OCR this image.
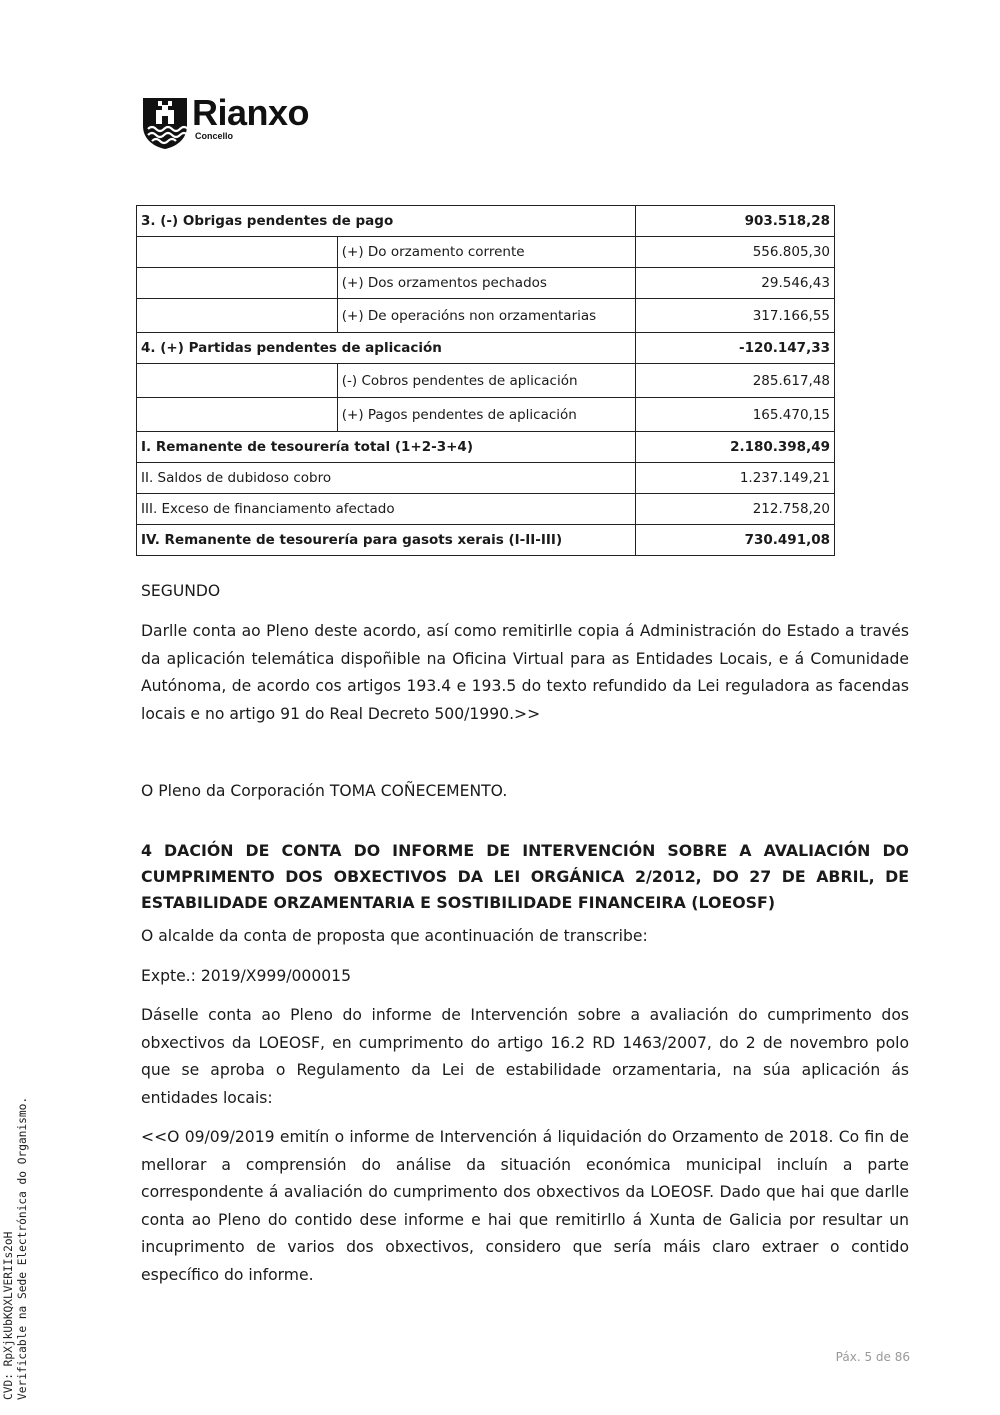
Rianxo
Concello
3. (-) Obrigas pendentes de pago		903.518,28
	(+) Do orzamento corrente	556.805,30
	(+) Dos orzamentos pechados	29.546,43
	(+) De operacións non orzamentarias	317.166,55
4. (+) Partidas pendentes de aplicación		-120.147,33
	(-) Cobros pendentes de aplicación	285.617,48
	(+) Pagos pendentes de aplicación	165.470,15
I. Remanente de tesourería total (1+2-3+4)		2.180.398,49
II. Saldos de dubidoso cobro		1.237.149,21
III. Exceso de financiamento afectado		212.758,20
IV. Remanente de tesourería para gasots xerais (I-II-III)		730.491,08
SEGUNDO
Darlle conta ao Pleno deste acordo, así como remitirlle copia á Administración do Estado a través da aplicación telemática dispoñible na Oficina Virtual para as Entidades Locais, e á Comunidade Autónoma, de acordo cos artigos 193.4 e 193.5 do texto refundido da Lei reguladora as facendas locais e no artigo 91 do Real Decreto 500/1990.>>
O Pleno da Corporación TOMA COÑECEMENTO.
4 DACIÓN DE CONTA DO INFORME DE INTERVENCIÓN SOBRE A AVALIACIÓN DO CUMPRIMENTO DOS OBXECTIVOS DA LEI ORGÁNICA 2/2012, DO 27 DE ABRIL, DE ESTABILIDADE ORZAMENTARIA E SOSTIBILIDADE FINANCEIRA (LOEOSF)
O alcalde da conta de proposta que acontinuación de transcribe:
Expte.: 2019/X999/000015
Dáselle conta ao Pleno do informe de Intervención sobre a avaliación do cumprimento dos obxectivos da LOEOSF, en cumprimento do artigo 16.2 RD 1463/2007, do 2 de novembro polo que se aproba o Regulamento da Lei de estabilidade orzamentaria, na súa aplicación ás entidades locais:
<<O 09/09/2019 emitín o informe de Intervención á liquidación do Orzamento de 2018. Co fin de mellorar a comprensión do análise da situación económica municipal incluín a parte correspondente á avaliación do cumprimento dos obxectivos da LOEOSF. Dado que hai que darlle conta ao Pleno do contido dese informe e hai que remitirllo á Xunta de Galicia por resultar un incuprimento de varios dos obxectivos, considero que sería máis claro extraer o contido específico do informe.
CVD: RpXjkUbKQXLVERIIs2oH Verificable na Sede Electrónica do Organismo.	Páx. 5 de 86
